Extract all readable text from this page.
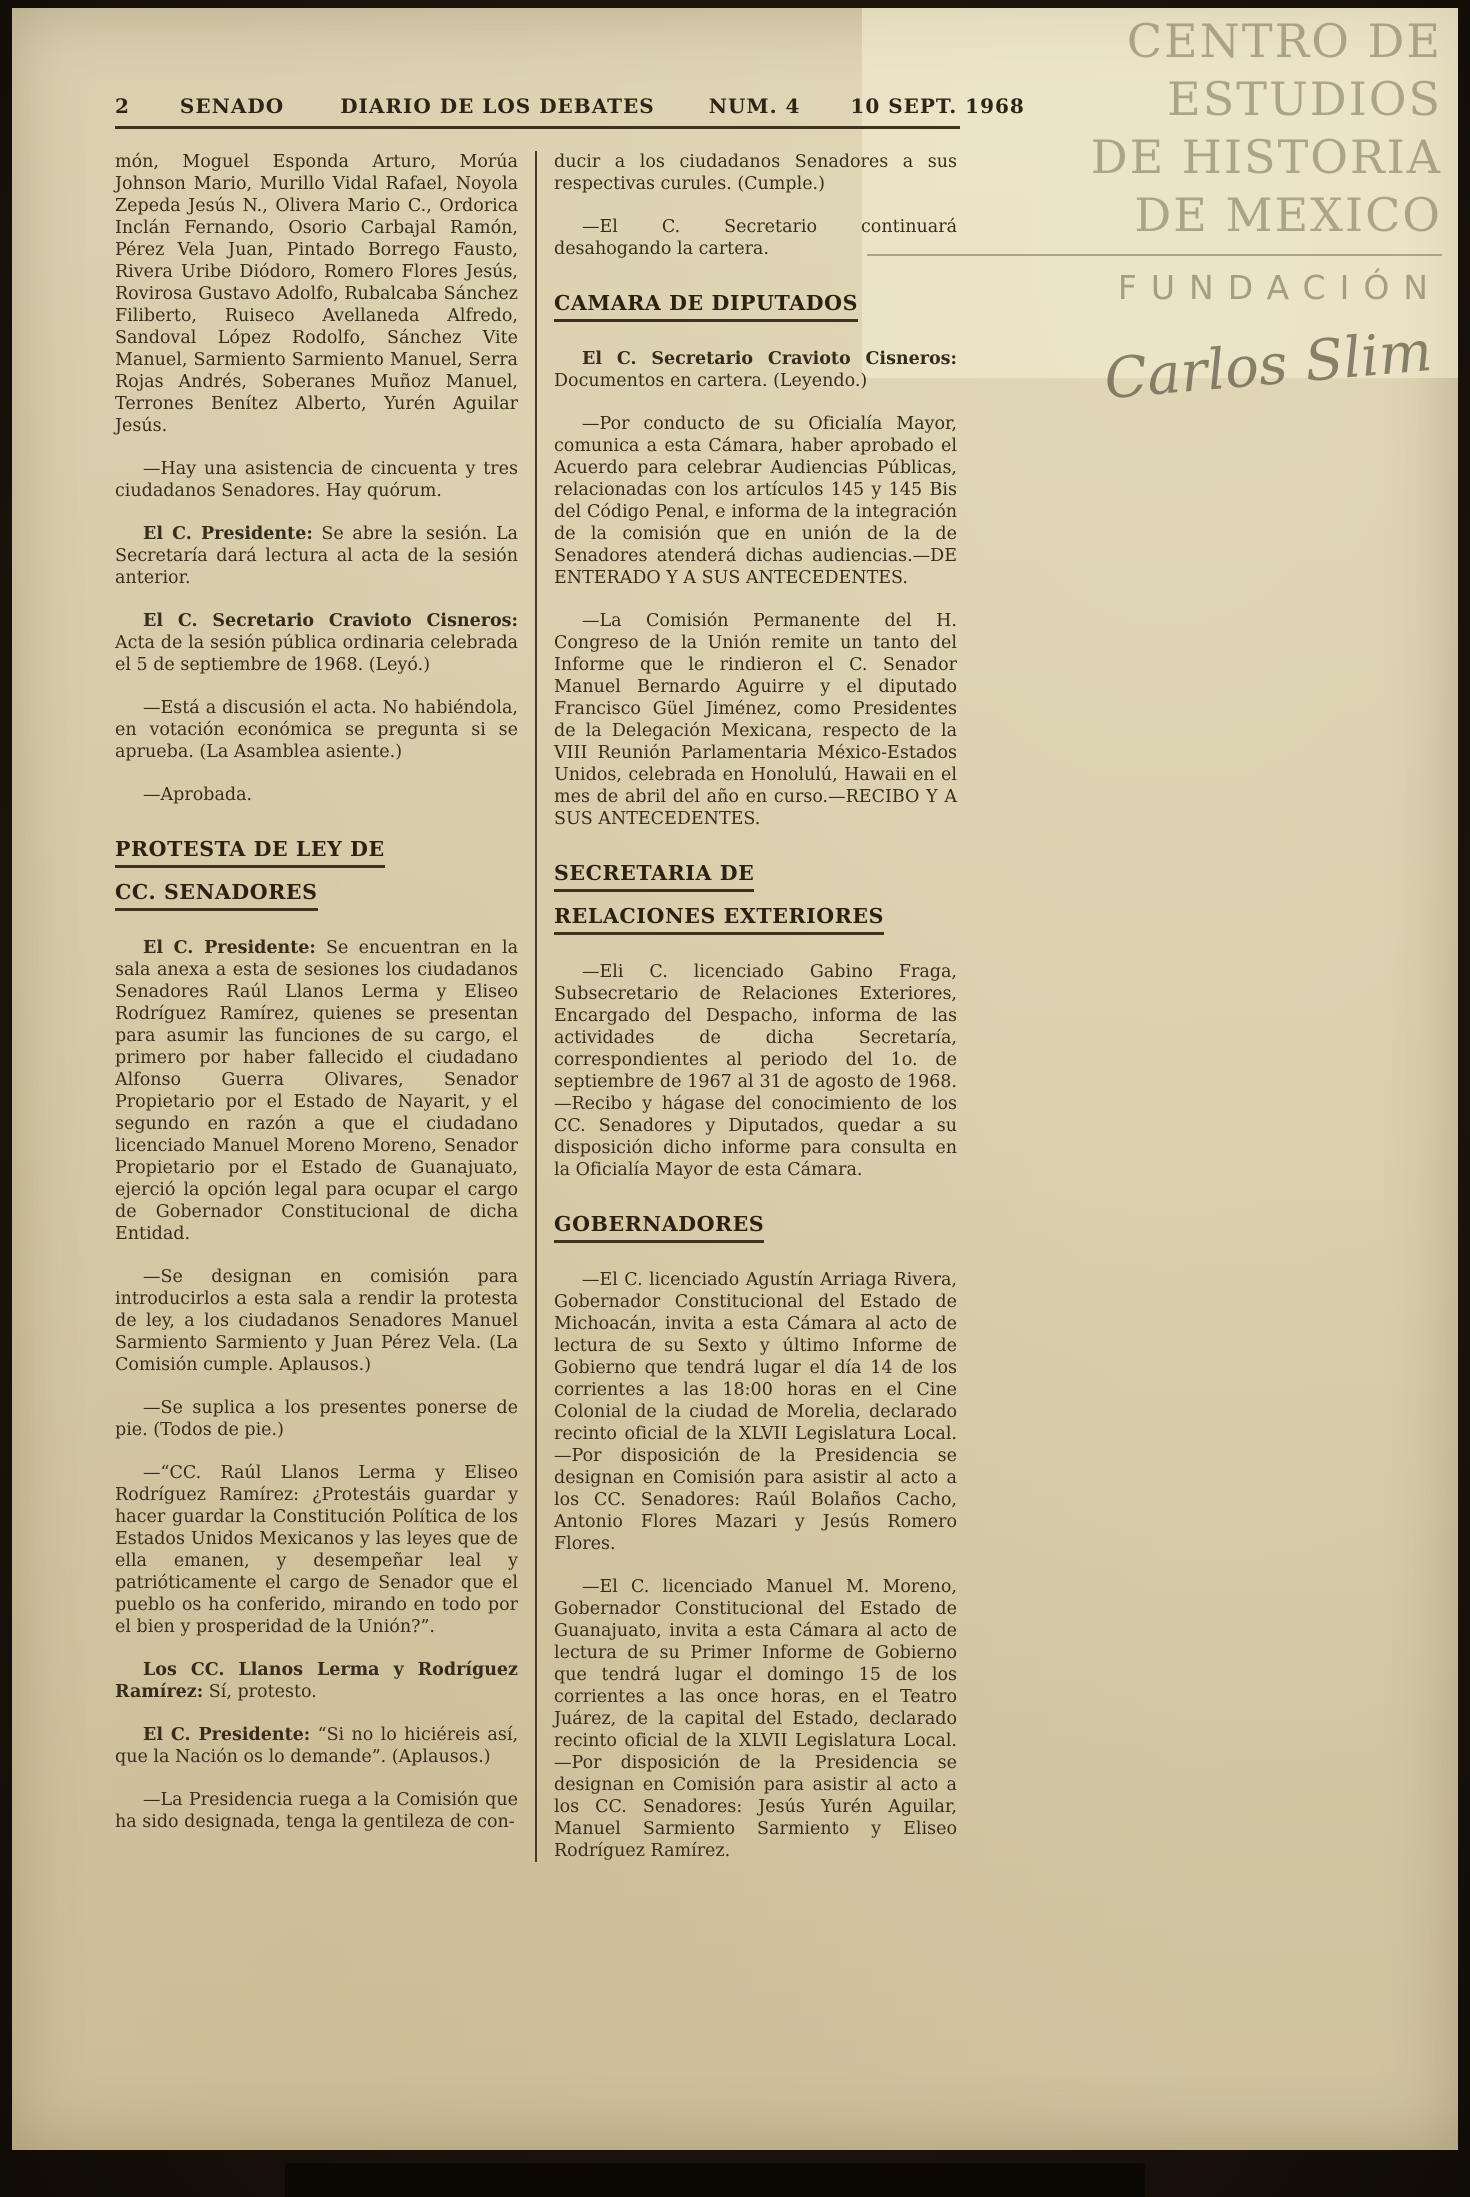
CENTRO DE
ESTUDIOS
DE HISTORIA
DE MEXICO
FUNDACIÓN
Carlos Slim
2	SENADO	DIARIO DE LOS DEBATES	NUM. 4	10 SEPT. 1968

món, Moguel Esponda Arturo, Morúa Johnson Mario, Murillo Vidal Rafael, Noyola Zepeda Jesús N., Olivera Mario C., Ordorica Inclán Fernando, Osorio Carbajal Ramón, Pérez Vela Juan, Pintado Borrego Fausto, Rivera Uribe Diódoro, Romero Flores Jesús, Rovirosa Gustavo Adolfo, Rubalcaba Sánchez Filiberto, Ruiseco Avellaneda Alfredo, Sandoval López Rodolfo, Sánchez Vite Manuel, Sarmiento Sarmiento Manuel, Serra Rojas Andrés, Soberanes Muñoz Manuel, Terrones Benítez Alberto, Yurén Aguilar Jesús.

—Hay una asistencia de cincuenta y tres ciudadanos Senadores. Hay quórum.

El C. Presidente: Se abre la sesión. La Secretaría dará lectura al acta de la sesión anterior.

El C. Secretario Cravioto Cisneros: Acta de la sesión pública ordinaria celebrada el 5 de septiembre de 1968. (Leyó.)

—Está a discusión el acta. No habiéndola, en votación económica se pregunta si se aprueba. (La Asamblea asiente.)

—Aprobada.

PROTESTA DE LEY DE
CC. SENADORES

El C. Presidente: Se encuentran en la sala anexa a esta de sesiones los ciudadanos Senadores Raúl Llanos Lerma y Eliseo Rodríguez Ramírez, quienes se presentan para asumir las funciones de su cargo, el primero por haber fallecido el ciudadano Alfonso Guerra Olivares, Senador Propietario por el Estado de Nayarit, y el segundo en razón a que el ciudadano licenciado Manuel Moreno Moreno, Senador Propietario por el Estado de Guanajuato, ejerció la opción legal para ocupar el cargo de Gobernador Constitucional de dicha Entidad.

—Se designan en comisión para introducirlos a esta sala a rendir la protesta de ley, a los ciudadanos Senadores Manuel Sarmiento Sarmiento y Juan Pérez Vela. (La Comisión cumple. Aplausos.)

—Se suplica a los presentes ponerse de pie. (Todos de pie.)

—“CC. Raúl Llanos Lerma y Eliseo Rodríguez Ramírez: ¿Protestáis guardar y hacer guardar la Constitución Política de los Estados Unidos Mexicanos y las leyes que de ella emanen, y desempeñar leal y patrióticamente el cargo de Senador que el pueblo os ha conferido, mirando en todo por el bien y prosperidad de la Unión?”.

Los CC. Llanos Lerma y Rodríguez Ramírez: Sí, protesto.

El C. Presidente: “Si no lo hiciéreis así, que la Nación os lo demande”. (Aplausos.)

—La Presidencia ruega a la Comisión que ha sido designada, tenga la gentileza de con-

ducir a los ciudadanos Senadores a sus respectivas curules. (Cumple.)

—El C. Secretario continuará desahogando la cartera.

CAMARA DE DIPUTADOS

El C. Secretario Cravioto Cisneros: Documentos en cartera. (Leyendo.)

—Por conducto de su Oficialía Mayor, comunica a esta Cámara, haber aprobado el Acuerdo para celebrar Audiencias Públicas, relacionadas con los artículos 145 y 145 Bis del Código Penal, e informa de la integración de la comisión que en unión de la de Senadores atenderá dichas audiencias.—DE ENTERADO Y A SUS ANTECEDENTES.

—La Comisión Permanente del H. Congreso de la Unión remite un tanto del Informe que le rindieron el C. Senador Manuel Bernardo Aguirre y el diputado Francisco Güel Jiménez, como Presidentes de la Delegación Mexicana, respecto de la VIII Reunión Parlamentaria México-Estados Unidos, celebrada en Honolulú, Hawaii en el mes de abril del año en curso.—RECIBO Y A SUS ANTECEDENTES.

SECRETARIA DE
RELACIONES EXTERIORES

—Eli C. licenciado Gabino Fraga, Subsecretario de Relaciones Exteriores, Encargado del Despacho, informa de las actividades de dicha Secretaría, correspondientes al periodo del 1o. de septiembre de 1967 al 31 de agosto de 1968.—Recibo y hágase del conocimiento de los CC. Senadores y Diputados, quedar a su disposición dicho informe para consulta en la Oficialía Mayor de esta Cámara.

GOBERNADORES

—El C. licenciado Agustín Arriaga Rivera, Gobernador Constitucional del Estado de Michoacán, invita a esta Cámara al acto de lectura de su Sexto y último Informe de Gobierno que tendrá lugar el día 14 de los corrientes a las 18:00 horas en el Cine Colonial de la ciudad de Morelia, declarado recinto oficial de la XLVII Legislatura Local.—Por disposición de la Presidencia se designan en Comisión para asistir al acto a los CC. Senadores: Raúl Bolaños Cacho, Antonio Flores Mazari y Jesús Romero Flores.

—El C. licenciado Manuel M. Moreno, Gobernador Constitucional del Estado de Guanajuato, invita a esta Cámara al acto de lectura de su Primer Informe de Gobierno que tendrá lugar el domingo 15 de los corrientes a las once horas, en el Teatro Juárez, de la capital del Estado, declarado recinto oficial de la XLVII Legislatura Local.—Por disposición de la Presidencia se designan en Comisión para asistir al acto a los CC. Senadores: Jesús Yurén Aguilar, Manuel Sarmiento Sarmiento y Eliseo Rodríguez Ramírez.
